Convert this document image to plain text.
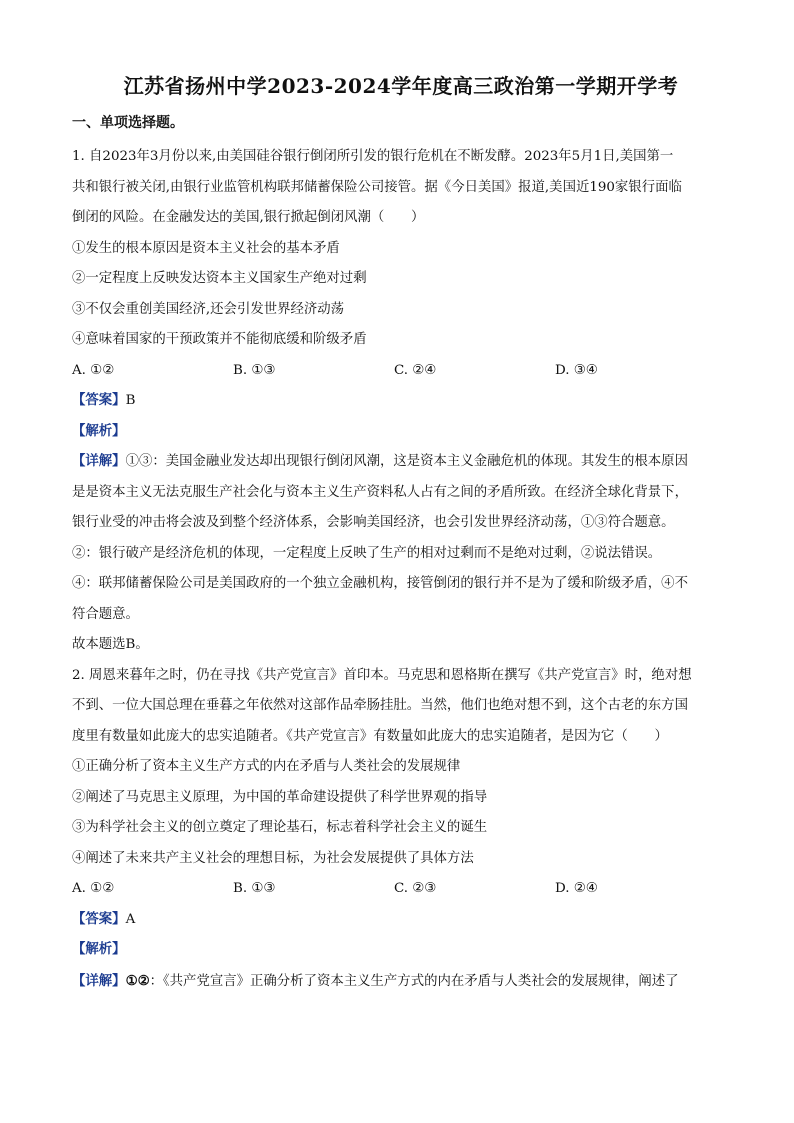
江苏省扬州中学2023-2024学年度高三政治第一学期开学考
一、单项选择题。

1. 自2023年3月份以来,由美国硅谷银行倒闭所引发的银行危机在不断发酵。2023年5月1日,美国第一

共和银行被关闭,由银行业监管机构联邦储蓄保险公司接管。据《今日美国》报道,美国近190家银行面临

倒闭的风险。在金融发达的美国,银行掀起倒闭风潮（　　）

①发生的根本原因是资本主义社会的基本矛盾

②一定程度上反映发达资本主义国家生产绝对过剩

③不仅会重创美国经济,还会引发世界经济动荡

④意味着国家的干预政策并不能彻底缓和阶级矛盾

A. ①②	B. ①③	C. ②④	D. ③④

【答案】B

【解析】

【详解】①③：美国金融业发达却出现银行倒闭风潮，这是资本主义金融危机的体现。其发生的根本原因

是是资本主义无法克服生产社会化与资本主义生产资料私人占有之间的矛盾所致。在经济全球化背景下，

银行业受的冲击将会波及到整个经济体系，会影响美国经济，也会引发世界经济动荡，①③符合题意。

②：银行破产是经济危机的体现，一定程度上反映了生产的相对过剩而不是绝对过剩，②说法错误。

④：联邦储蓄保险公司是美国政府的一个独立金融机构，接管倒闭的银行并不是为了缓和阶级矛盾，④不

符合题意。

故本题选B。

2. 周恩来暮年之时，仍在寻找《共产党宣言》首印本。马克思和恩格斯在撰写《共产党宣言》时，绝对想

不到、一位大国总理在垂暮之年依然对这部作品牵肠挂肚。当然，他们也绝对想不到，这个古老的东方国

度里有数量如此庞大的忠实追随者。《共产党宣言》有数量如此庞大的忠实追随者，是因为它（　　）

①正确分析了资本主义生产方式的内在矛盾与人类社会的发展规律

②阐述了马克思主义原理，为中国的革命建设提供了科学世界观的指导

③为科学社会主义的创立奠定了理论基石，标志着科学社会主义的诞生

④阐述了未来共产主义社会的理想目标，为社会发展提供了具体方法

A. ①②	B. ①③	C. ②③	D. ②④

【答案】A

【解析】

【详解】①②：《共产党宣言》正确分析了资本主义生产方式的内在矛盾与人类社会的发展规律，阐述了
